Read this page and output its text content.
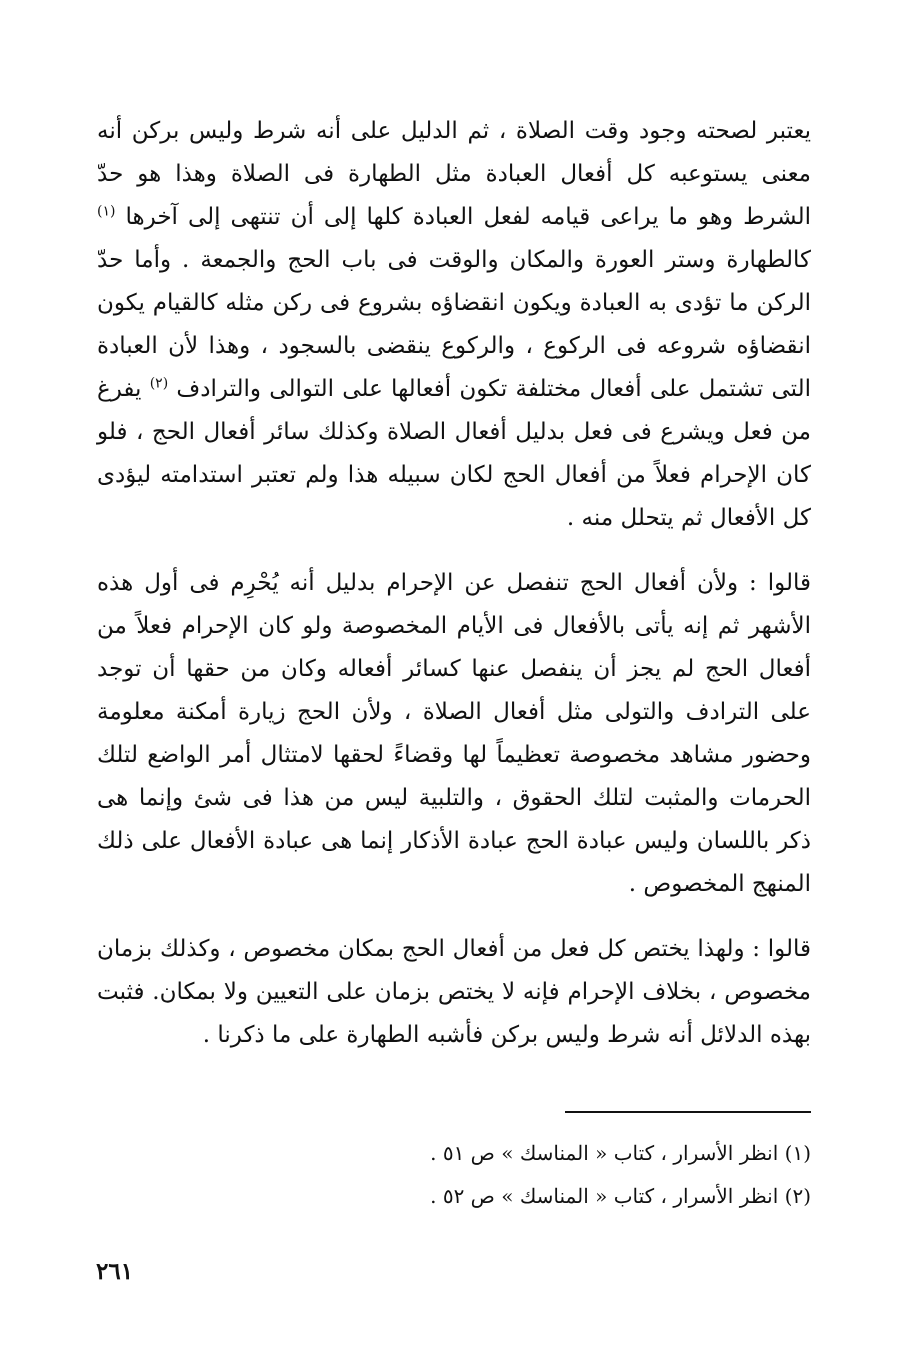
يعتبر لصحته وجود وقت الصلاة ، ثم الدليل على أنه شرط وليس بركن أنه معنى يستوعبه كل أفعال العبادة مثل الطهارة فى الصلاة وهذا هو حدّ الشرط وهو ما يراعى قيامه لفعل العبادة كلها إلى أن تنتهى إلى آخرها $^{(١)}$ كالطهارة وستر العورة والمكان والوقت فى باب الحج والجمعة . وأما حدّ الركن ما تؤدى به العبادة ويكون انقضاؤه بشروع فى ركن مثله كالقيام يكون انقضاؤه شروعه فى الركوع ، والركوع ينقضى بالسجود ، وهذا لأن العبادة التى تشتمل على أفعال مختلفة تكون أفعالها على التوالى والترادف $^{(٢)}$ يفرغ من فعل ويشرع فى فعل بدليل أفعال الصلاة وكذلك سائر أفعال الحج ، فلو كان الإحرام فعلاً من أفعال الحج لكان سبيله هذا ولم تعتبر استدامته ليؤدى كل الأفعال ثم يتحلل منه .

قالوا : ولأن أفعال الحج تنفصل عن الإحرام بدليل أنه يُحْرِم فى أول هذه الأشهر ثم إنه يأتى بالأفعال فى الأيام المخصوصة ولو كان الإحرام فعلاً من أفعال الحج لم يجز أن ينفصل عنها كسائر أفعاله وكان من حقها أن توجد على الترادف والتولى مثل أفعال الصلاة ، ولأن الحج زيارة أمكنة معلومة وحضور مشاهد مخصوصة تعظيماً لها وقضاءً لحقها لامتثال أمر الواضع لتلك الحرمات والمثبت لتلك الحقوق ، والتلبية ليس من هذا فى شئ وإنما هى ذكر باللسان وليس عبادة الحج عبادة الأذكار إنما هى عبادة الأفعال على ذلك المنهج المخصوص .

قالوا : ولهذا يختص كل فعل من أفعال الحج بمكان مخصوص ، وكذلك بزمان مخصوص ، بخلاف الإحرام فإنه لا يختص بزمان على التعيين ولا بمكان. فثبت بهذه الدلائل أنه شرط وليس بركن فأشبه الطهارة على ما ذكرنا .

(١) انظر الأسرار ، كتاب « المناسك » ص ٥١ .

(٢) انظر الأسرار ، كتاب « المناسك » ص ٥٢ .

٢٦١
